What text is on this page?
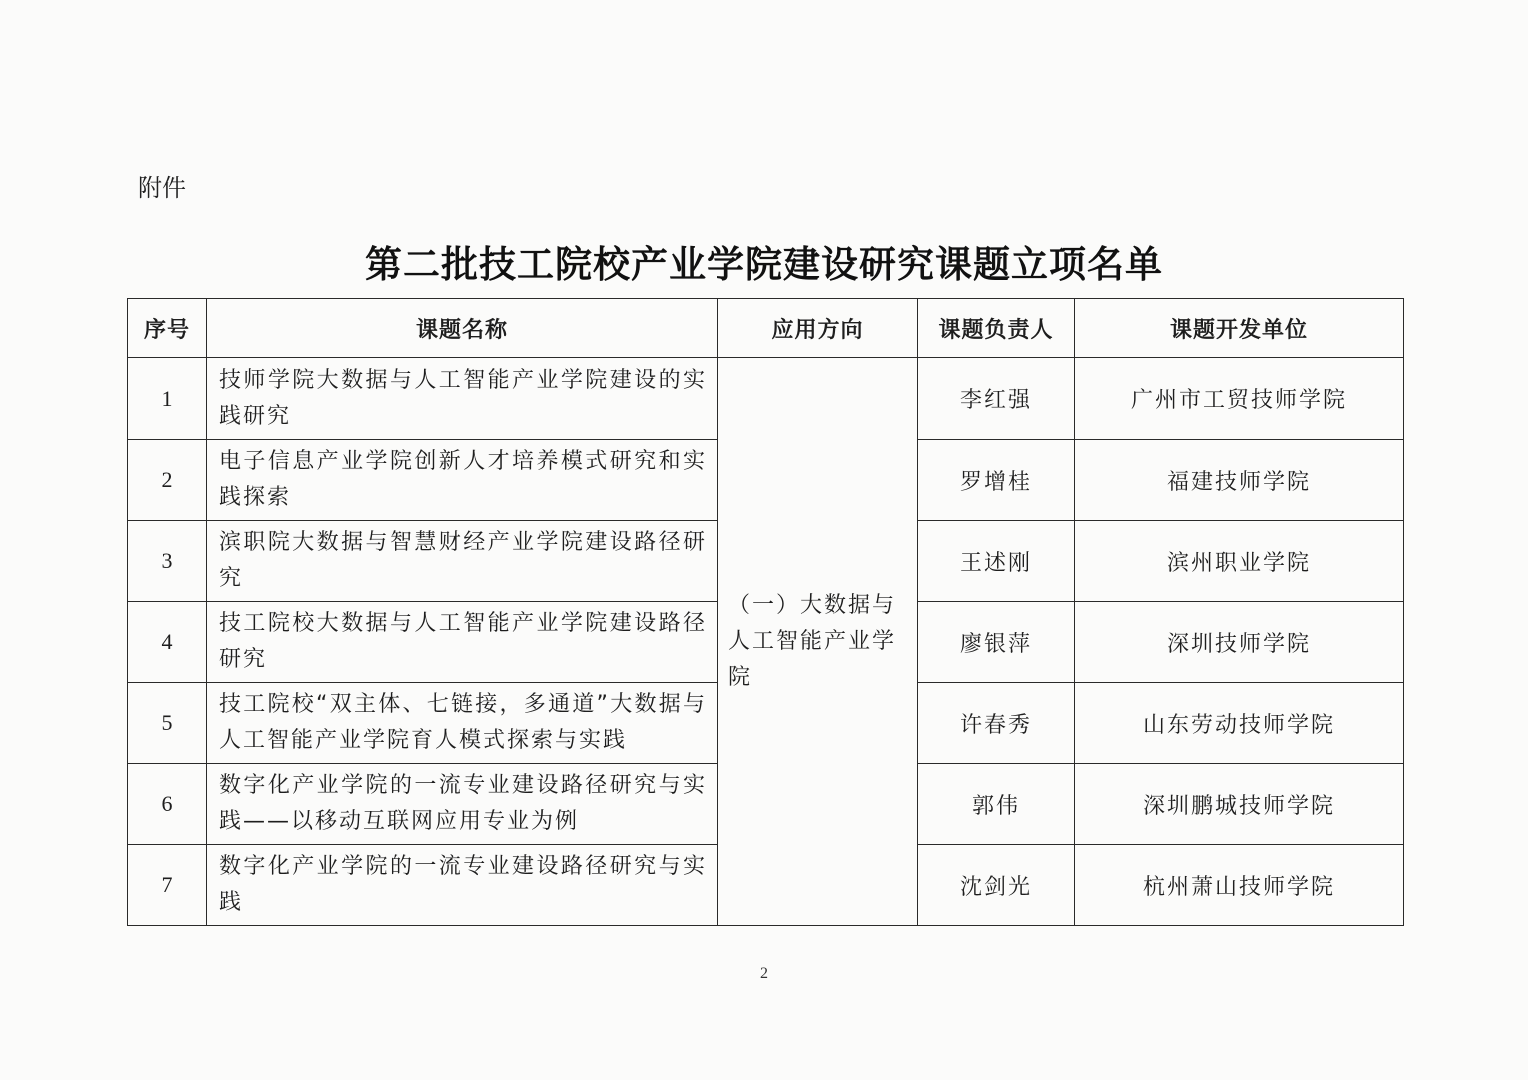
附件
第二批技工院校产业学院建设研究课题立项名单
序号	课题名称	应用方向	课题负责人	课题开发单位
1	技师学院大数据与人工智能产业学院建设的实践研究	（一）大数据与人工智能产业学院	李红强	广州市工贸技师学院
2	电子信息产业学院创新人才培养模式研究和实践探索		罗增桂	福建技师学院
3	滨职院大数据与智慧财经产业学院建设路径研究		王述刚	滨州职业学院
4	技工院校大数据与人工智能产业学院建设路径研究		廖银萍	深圳技师学院
5	技工院校“双主体、七链接，多通道”大数据与人工智能产业学院育人模式探索与实践		许春秀	山东劳动技师学院
6	数字化产业学院的一流专业建设路径研究与实践——以移动互联网应用专业为例		郭伟	深圳鹏城技师学院
7	数字化产业学院的一流专业建设路径研究与实践		沈剑光	杭州萧山技师学院
2
